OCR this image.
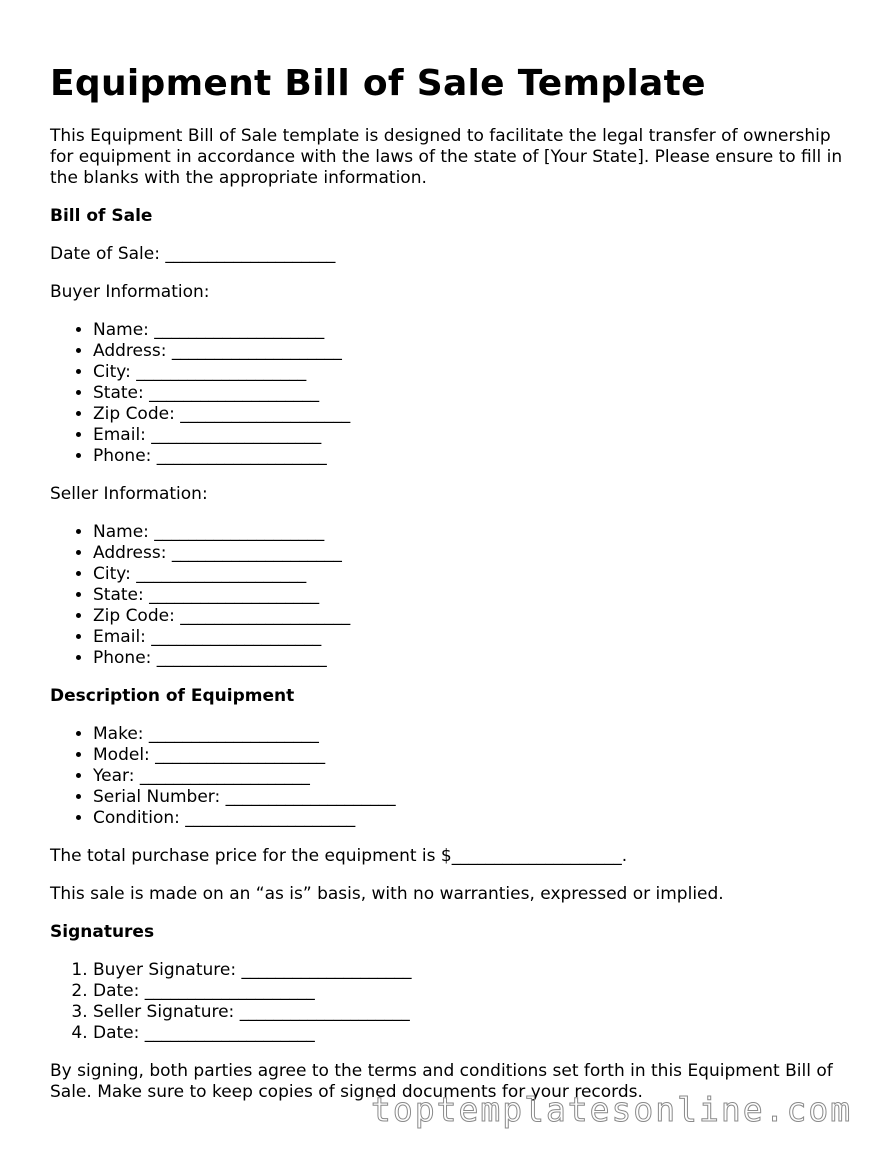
Equipment Bill of Sale Template

This Equipment Bill of Sale template is designed to facilitate the legal transfer of ownership for equipment in accordance with the laws of the state of [Your State]. Please ensure to fill in the blanks with the appropriate information.

Bill of Sale

Date of Sale: ____________________

Buyer Information:

• Name: ____________________
• Address: ____________________
• City: ____________________
• State: ____________________
• Zip Code: ____________________
• Email: ____________________
• Phone: ____________________

Seller Information:

• Name: ____________________
• Address: ____________________
• City: ____________________
• State: ____________________
• Zip Code: ____________________
• Email: ____________________
• Phone: ____________________
Description of Equipment
• Make: ____________________
• Model: ____________________
• Year: ____________________
• Serial Number: ____________________
• Condition: ____________________

The total purchase price for the equipment is $____________________.

This sale is made on an “as is” basis, with no warranties, expressed or implied.

Signatures
1. Buyer Signature: ____________________
2. Date: ____________________
3. Seller Signature: ____________________
4. Date: ____________________

By signing, both parties agree to the terms and conditions set forth in this Equipment Bill of Sale. Make sure to keep copies of signed documents for your records.

toptemplatesonline.com
